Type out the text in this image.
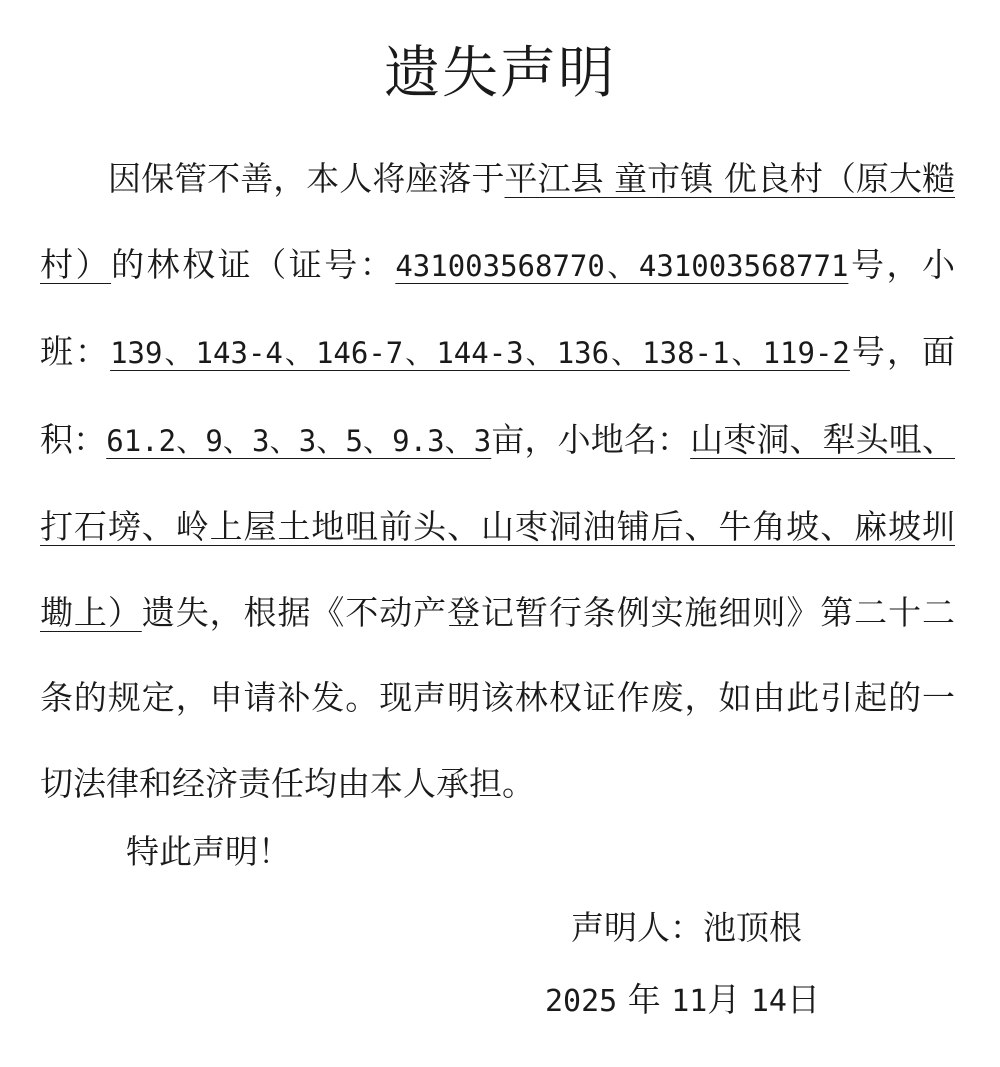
遗失声明
因保管不善，本人将座落于平江县 童市镇 优良村（原大糙村）的林权证（证号：431003568770、431003568771号，小班：139、143-4、146-7、144-3、136、138-1、119-2号，面积：61.2、9、3、3、5、9.3、3亩，小地名：山枣洞、犁头咀、打石塝、岭上屋土地咀前头、山枣洞油铺后、牛角坡、麻坡圳墈上）遗失，根据《不动产登记暂行条例实施细则》第二十二条的规定，申请补发。现声明该林权证作废，如由此引起的一切法律和经济责任均由本人承担。
特此声明！
声明人：池顶根
2025 年 11月 14日
